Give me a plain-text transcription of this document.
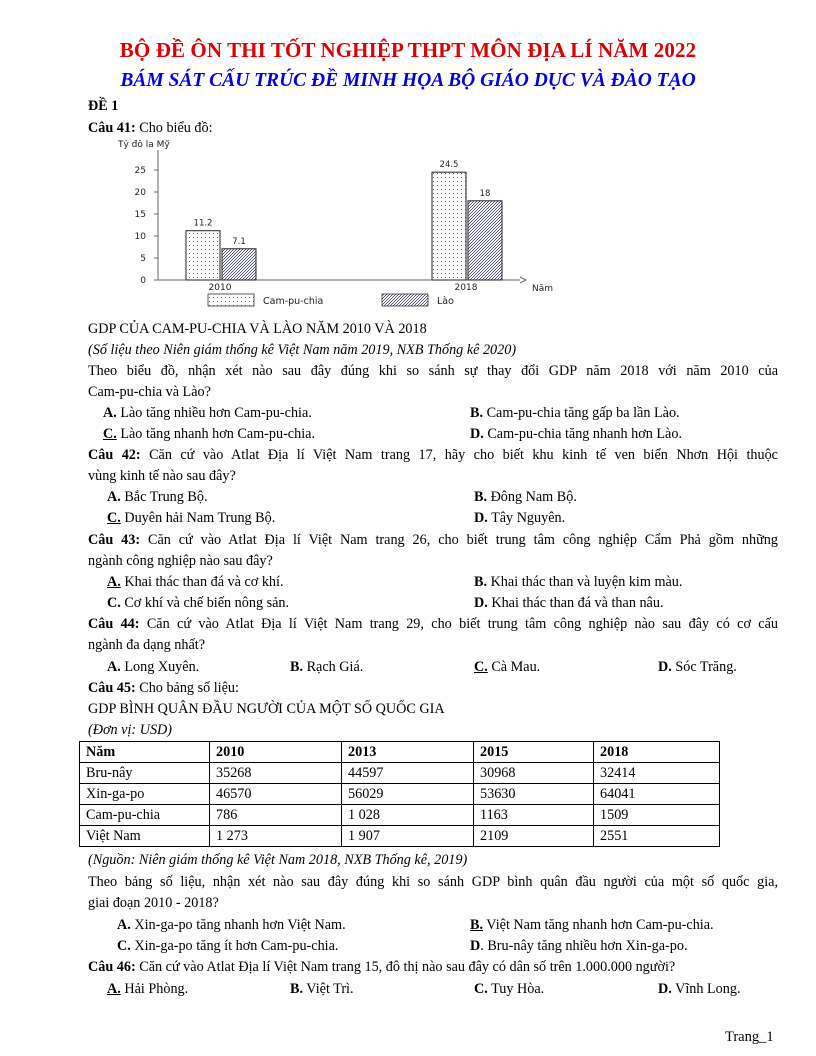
BỘ ĐỀ ÔN THI TỐT NGHIỆP THPT MÔN ĐỊA LÍ NĂM 2022
BÁM SÁT CẤU TRÚC ĐỀ MINH HỌA BỘ GIÁO DỤC VÀ ĐÀO TẠO
ĐỀ 1
Câu 41: Cho biểu đồ:
Tỷ đô la Mỹ
Năm
0
5
10
15
20
25
11.2
7.1
2010
24.5
18
2018
Cam-pu-chia	Lào
GDP CỦA CAM-PU-CHIA VÀ LÀO NĂM 2010 VÀ 2018
(Số liệu theo Niên giám thống kê Việt Nam năm 2019, NXB Thống kê 2020)
Theo biểu đồ, nhận xét nào sau đây đúng khi so sánh sự thay đổi GDP năm 2018 với năm 2010 của
Cam-pu-chia và Lào?
A. Lào tăng nhiều hơn Cam-pu-chia.	B. Cam-pu-chia tăng gấp ba lần Lào.
C. Lào tăng nhanh hơn Cam-pu-chia.	D. Cam-pu-chia tăng nhanh hơn Lào.
Câu 42: Căn cứ vào Atlat Địa lí Việt Nam trang 17, hãy cho biết khu kinh tế ven biển Nhơn Hội thuộc
vùng kinh tế nào sau đây?
A. Bắc Trung Bộ.	B. Đông Nam Bộ.
C. Duyên hải Nam Trung Bộ.	D. Tây Nguyên.
Câu 43: Căn cứ vào Atlat Địa lí Việt Nam trang 26, cho biết trung tâm công nghiệp Cẩm Phả gồm những
ngành công nghiệp nào sau đây?
A. Khai thác than đá và cơ khí.	B. Khai thác than và luyện kim màu.
C. Cơ khí và chế biến nông sản.	D. Khai thác than đá và than nâu.
Câu 44: Căn cứ vào Atlat Địa lí Việt Nam trang 29, cho biết trung tâm công nghiệp nào sau đây có cơ cấu
ngành đa dạng nhất?
A. Long Xuyên.	B. Rạch Giá.	C. Cà Mau.	D. Sóc Trăng.
Câu 45: Cho bảng số liệu:
GDP BÌNH QUÂN ĐẦU NGƯỜI CỦA MỘT SỐ QUỐC GIA
(Đơn vị: USD)
Năm	2010	2013	2015	2018
Bru-nây	35268	44597	30968	32414
Xin-ga-po	46570	56029	53630	64041
Cam-pu-chia	786	1 028	1163	1509
Việt Nam	1 273	1 907	2109	2551
(Nguồn: Niên giám thống kê Việt Nam 2018, NXB Thống kê, 2019)
Theo bảng số liệu, nhận xét nào sau đây đúng khi so sánh GDP bình quân đầu người của một số quốc gia,
giai đoạn 2010 - 2018?
A. Xin-ga-po tăng nhanh hơn Việt Nam.	B. Việt Nam tăng nhanh hơn Cam-pu-chia.
C. Xin-ga-po tăng ít hơn Cam-pu-chia.	D. Bru-nây tăng nhiều hơn Xin-ga-po.
Câu 46: Căn cứ vào Atlat Địa lí Việt Nam trang 15, đô thị nào sau đây có dân số trên 1.000.000 người?
A. Hải Phòng.	B. Việt Trì.	C. Tuy Hòa.	D. Vĩnh Long.
Trang_1
